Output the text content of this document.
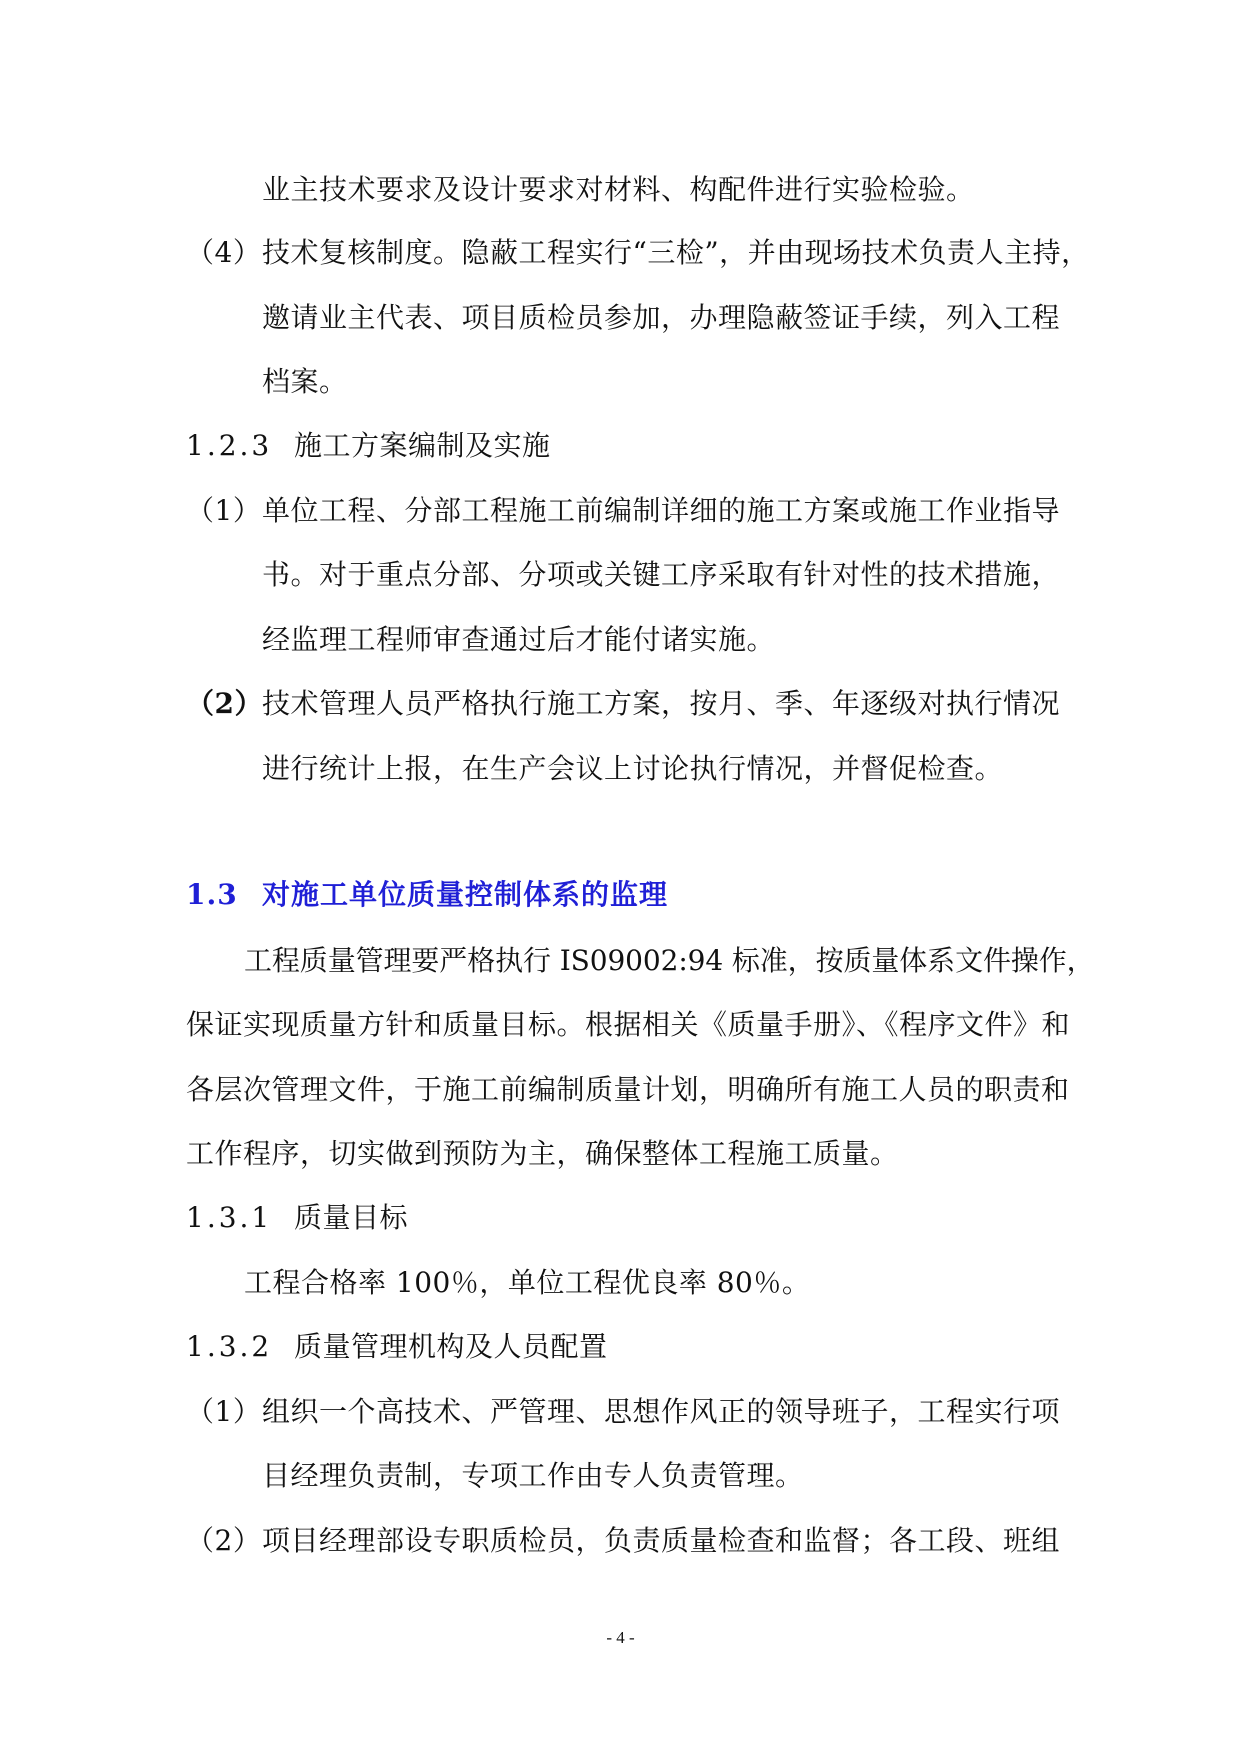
业主技术要求及设计要求对材料、构配件进行实验检验。
（4）技术复核制度。隐蔽工程实行“三检”，并由现场技术负责人主持，
邀请业主代表、项目质检员参加，办理隐蔽签证手续，列入工程
档案。
1.2.3 施工方案编制及实施
（1）单位工程、分部工程施工前编制详细的施工方案或施工作业指导
书。对于重点分部、分项或关键工序采取有针对性的技术措施，
经监理工程师审查通过后才能付诸实施。
（2）技术管理人员严格执行施工方案，按月、季、年逐级对执行情况
进行统计上报，在生产会议上讨论执行情况，并督促检查。
1.3 对施工单位质量控制体系的监理
工程质量管理要严格执行 IS09002:94 标准，按质量体系文件操作，
保证实现质量方针和质量目标。根据相关《质量手册》、《程序文件》和
各层次管理文件，于施工前编制质量计划，明确所有施工人员的职责和
工作程序，切实做到预防为主，确保整体工程施工质量。
1.3.1 质量目标
工程合格率 100％，单位工程优良率 80％。
1.3.2 质量管理机构及人员配置
（1）组织一个高技术、严管理、思想作风正的领导班子，工程实行项
目经理负责制，专项工作由专人负责管理。
（2）项目经理部设专职质检员，负责质量检查和监督；各工段、班组
- 4 -
